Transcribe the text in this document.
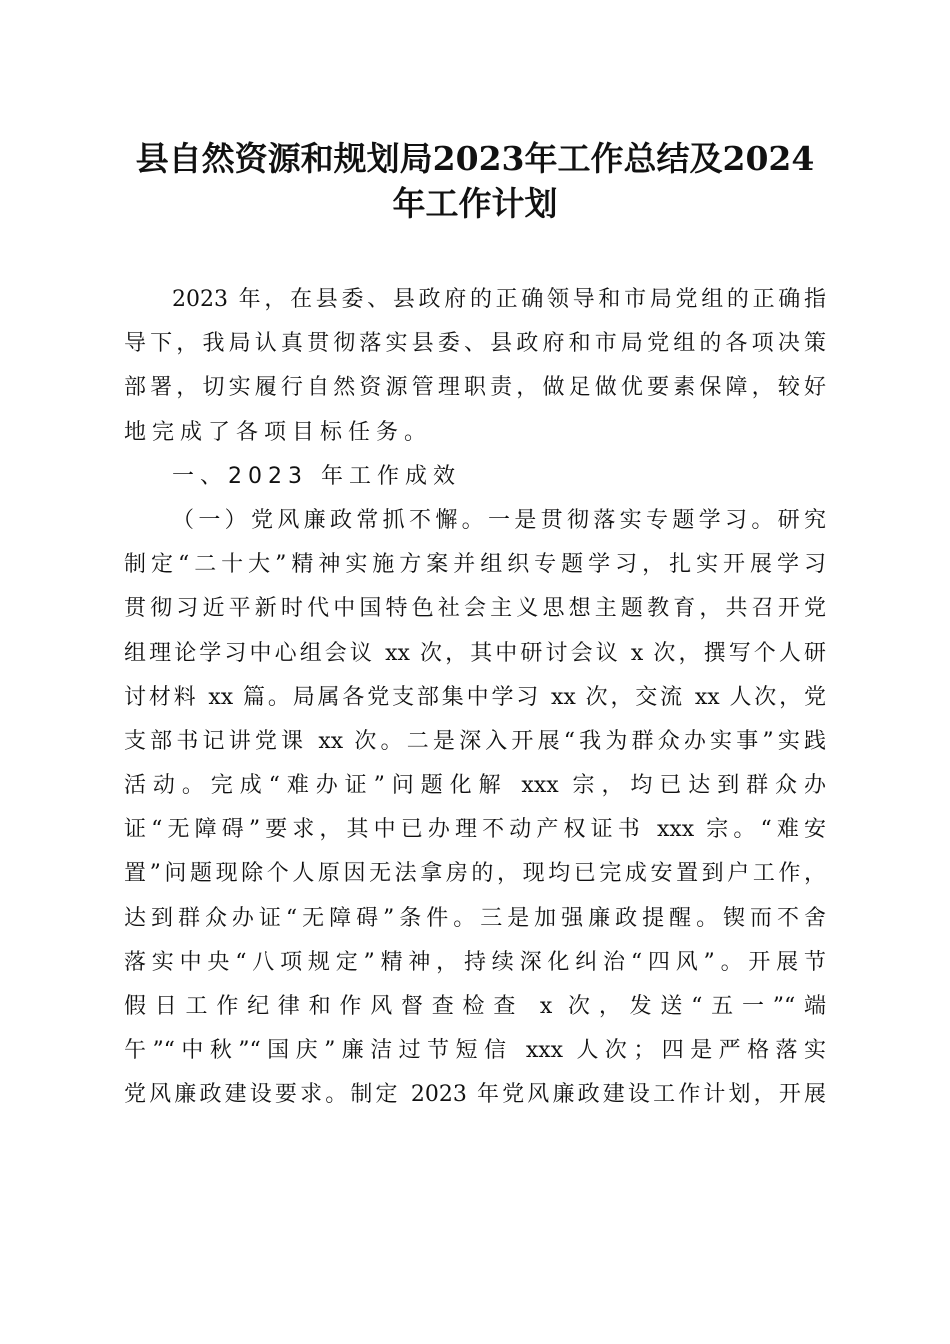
县自然资源和规划局2023年工作总结及2024
年工作计划
2023 年，在县委、县政府的正确领导和市局党组的正确指
导下，我局认真贯彻落实县委、县政府和市局党组的各项决策
部署，切实履行自然资源管理职责，做足做优要素保障，较好
地完成了各项目标任务。
一、2023 年工作成效
（一）党风廉政常抓不懈。一是贯彻落实专题学习。研究
制定“二十大”精神实施方案并组织专题学习，扎实开展学习
贯彻习近平新时代中国特色社会主义思想主题教育，共召开党
组理论学习中心组会议 xx 次，其中研讨会议 x 次，撰写个人研
讨材料 xx 篇。局属各党支部集中学习 xx 次，交流 xx 人次，党
支部书记讲党课 xx 次。二是深入开展“我为群众办实事”实践
活动。完成“难办证”问题化解 xxx 宗，均已达到群众办
证“无障碍”要求，其中已办理不动产权证书 xxx 宗。“难安
置”问题现除个人原因无法拿房的，现均已完成安置到户工作，
达到群众办证“无障碍”条件。三是加强廉政提醒。锲而不舍
落实中央“八项规定”精神，持续深化纠治“四风”。开展节
假日工作纪律和作风督查检查 x 次，发送“五一”“端
午”“中秋”“国庆”廉洁过节短信 xxx 人次；四是严格落实
党风廉政建设要求。制定 2023 年党风廉政建设工作计划，开展
